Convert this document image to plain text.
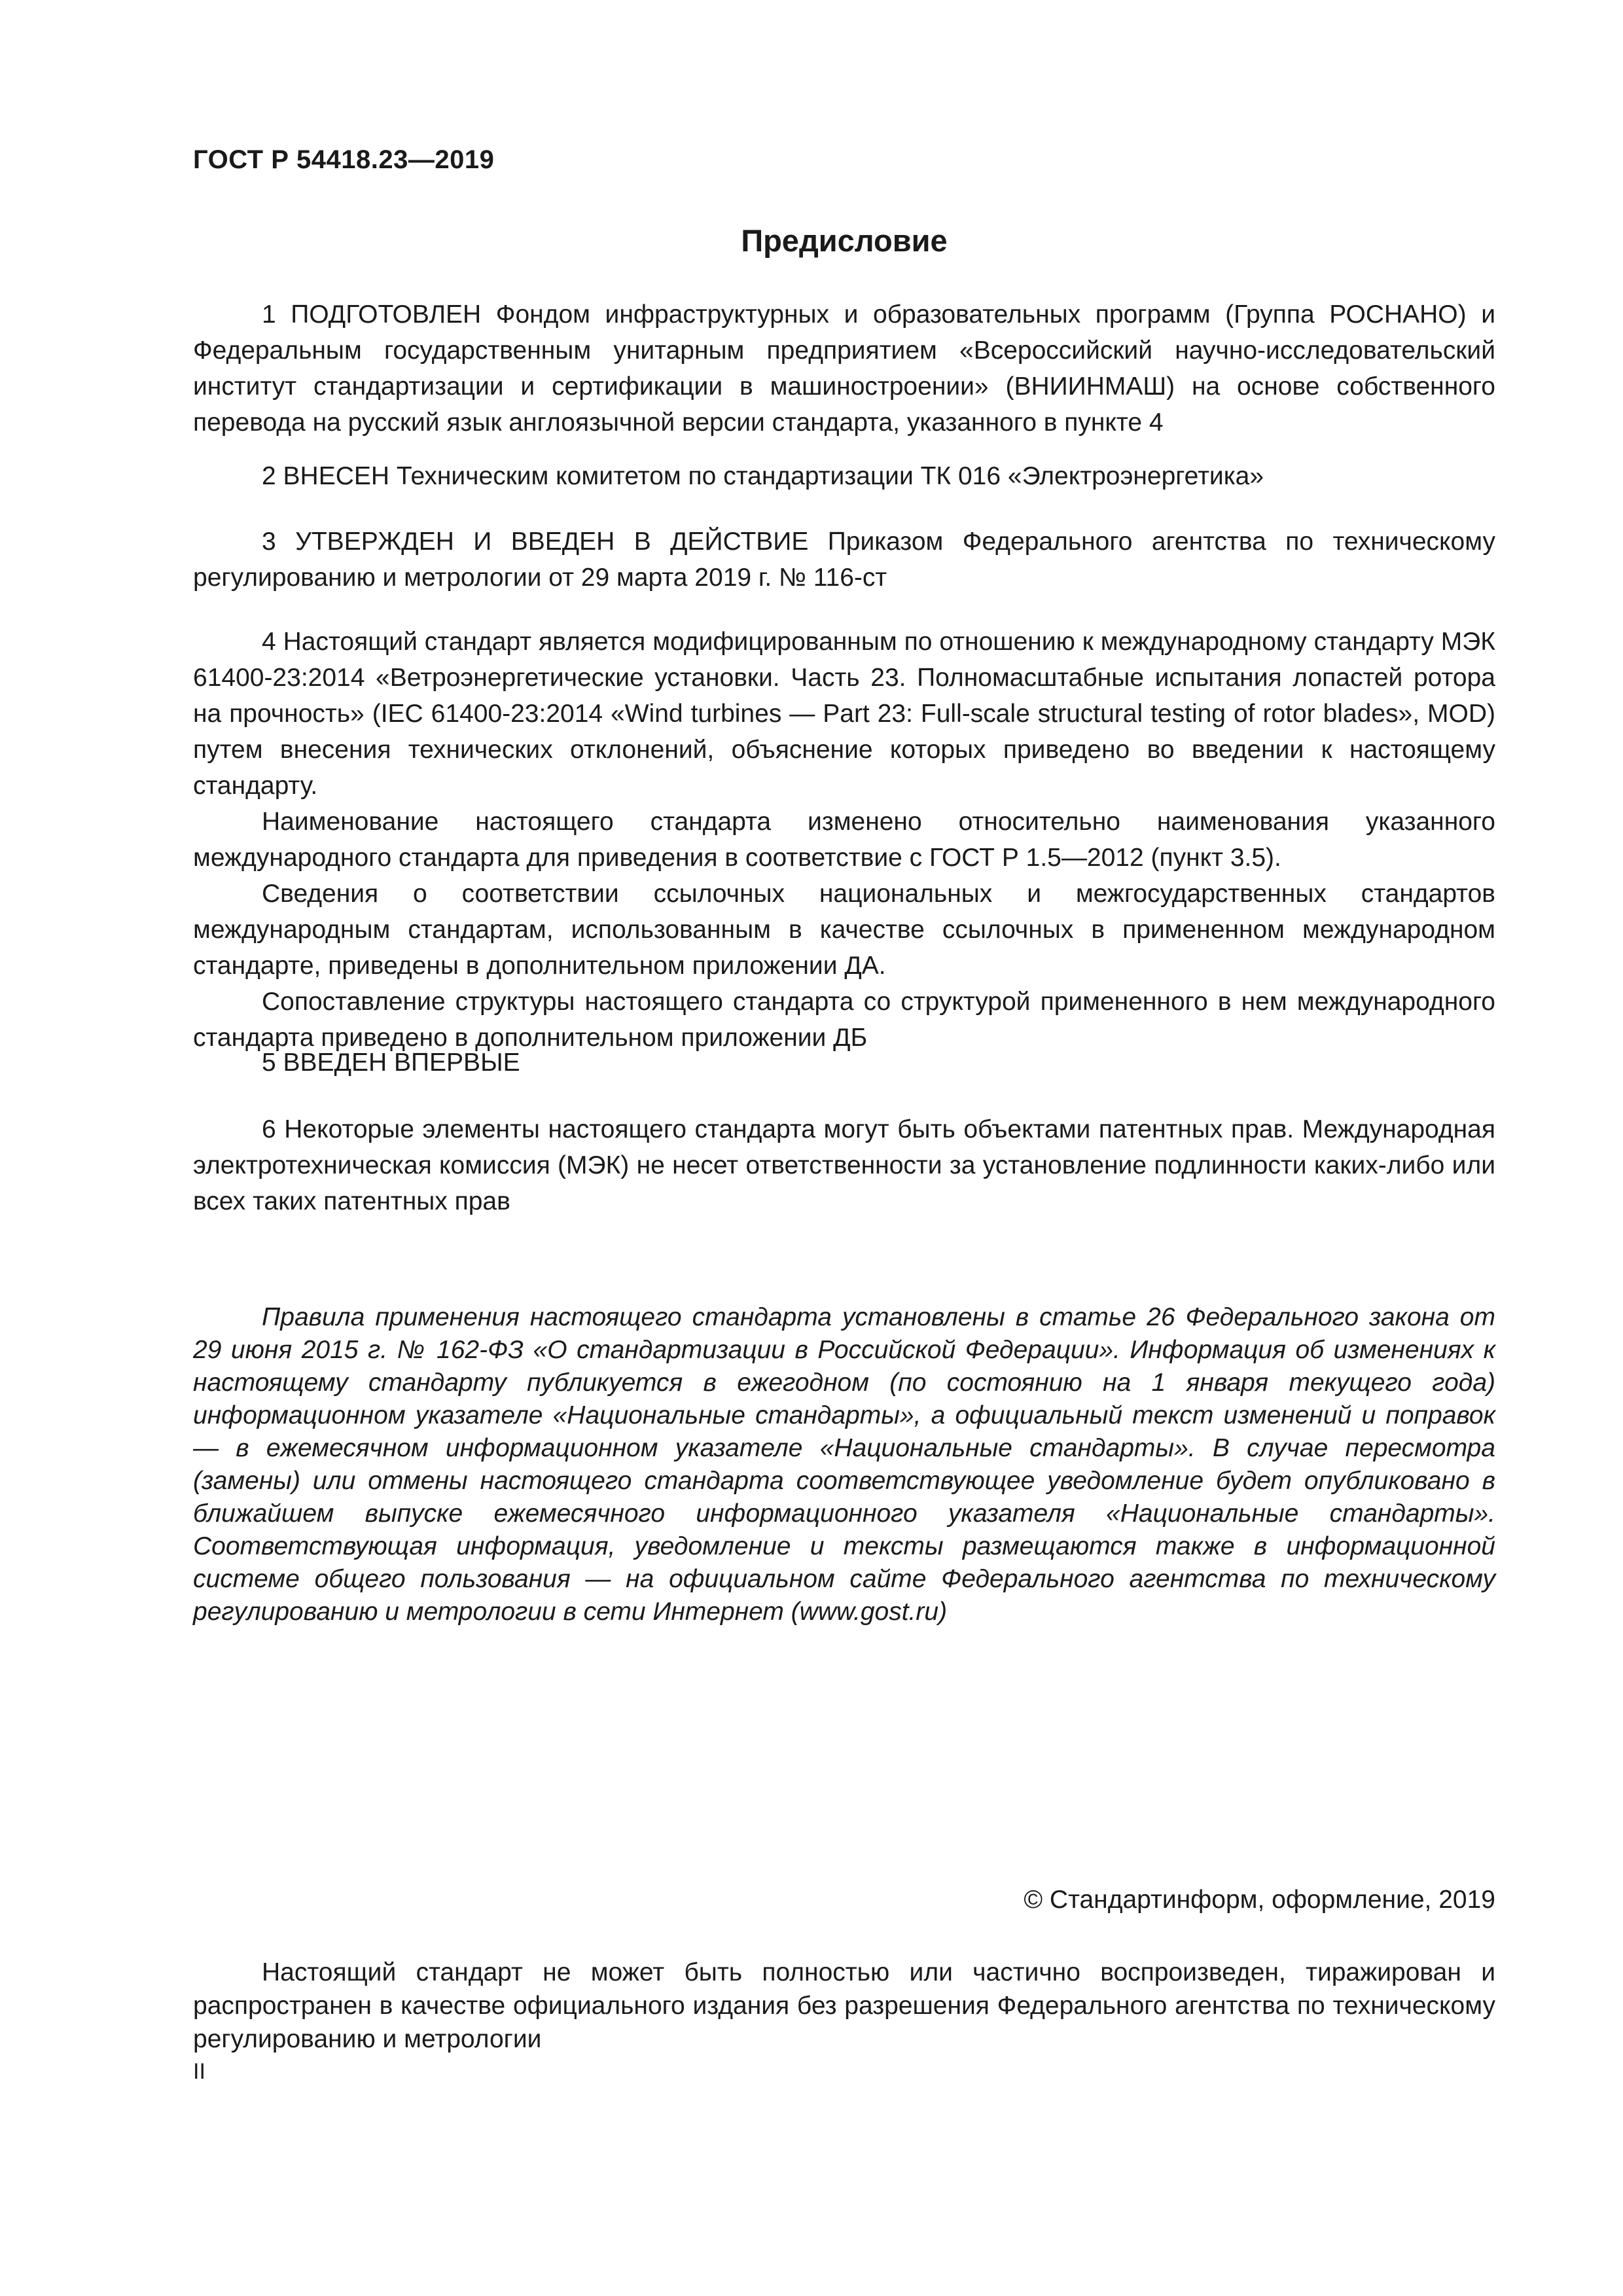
ГОСТ Р 54418.23—2019
Предисловие

1 ПОДГОТОВЛЕН Фондом инфраструктурных и образовательных программ (Группа РОСНАНО) и Федеральным государственным унитарным предприятием «Всероссийский научно-исследовательский институт стандартизации и сертификации в машиностроении» (ВНИИНМАШ) на основе собственного перевода на русский язык англоязычной версии стандарта, указанного в пункте 4

2 ВНЕСЕН Техническим комитетом по стандартизации ТК 016 «Электроэнергетика»

3 УТВЕРЖДЕН И ВВЕДЕН В ДЕЙСТВИЕ Приказом Федерального агентства по техническому регулированию и метрологии от 29 марта 2019 г. № 116-ст

4 Настоящий стандарт является модифицированным по отношению к международному стандарту МЭК 61400-23:2014 «Ветроэнергетические установки. Часть 23. Полномасштабные испытания лопастей ротора на прочность» (IEC 61400-23:2014 «Wind turbines — Part 23: Full-scale structural testing of rotor blades», MOD) путем внесения технических отклонений, объяснение которых приведено во введении к настоящему стандарту.

Наименование настоящего стандарта изменено относительно наименования указанного международного стандарта для приведения в соответствие с ГОСТ Р 1.5—2012 (пункт 3.5).

Сведения о соответствии ссылочных национальных и межгосударственных стандартов международным стандартам, использованным в качестве ссылочных в примененном международном стандарте, приведены в дополнительном приложении ДА.

Сопоставление структуры настоящего стандарта со структурой примененного в нем международного стандарта приведено в дополнительном приложении ДБ

5 ВВЕДЕН ВПЕРВЫЕ

6 Некоторые элементы настоящего стандарта могут быть объектами патентных прав. Международная электротехническая комиссия (МЭК) не несет ответственности за установление подлинности каких-либо или всех таких патентных прав

Правила применения настоящего стандарта установлены в статье 26 Федерального закона от 29 июня 2015 г. № 162-ФЗ «О стандартизации в Российской Федерации». Информация об изменениях к настоящему стандарту публикуется в ежегодном (по состоянию на 1 января текущего года) информационном указателе «Национальные стандарты», а официальный текст изменений и поправок — в ежемесячном информационном указателе «Национальные стандарты». В случае пересмотра (замены) или отмены настоящего стандарта соответствующее уведомление будет опубликовано в ближайшем выпуске ежемесячного информационного указателя «Национальные стандарты». Соответствующая информация, уведомление и тексты размещаются также в информационной системе общего пользования — на официальном сайте Федерального агентства по техническому регулированию и метрологии в сети Интернет (www.gost.ru)

© Стандартинформ, оформление, 2019

Настоящий стандарт не может быть полностью или частично воспроизведен, тиражирован и распространен в качестве официального издания без разрешения Федерального агентства по техническому регулированию и метрологии

II
